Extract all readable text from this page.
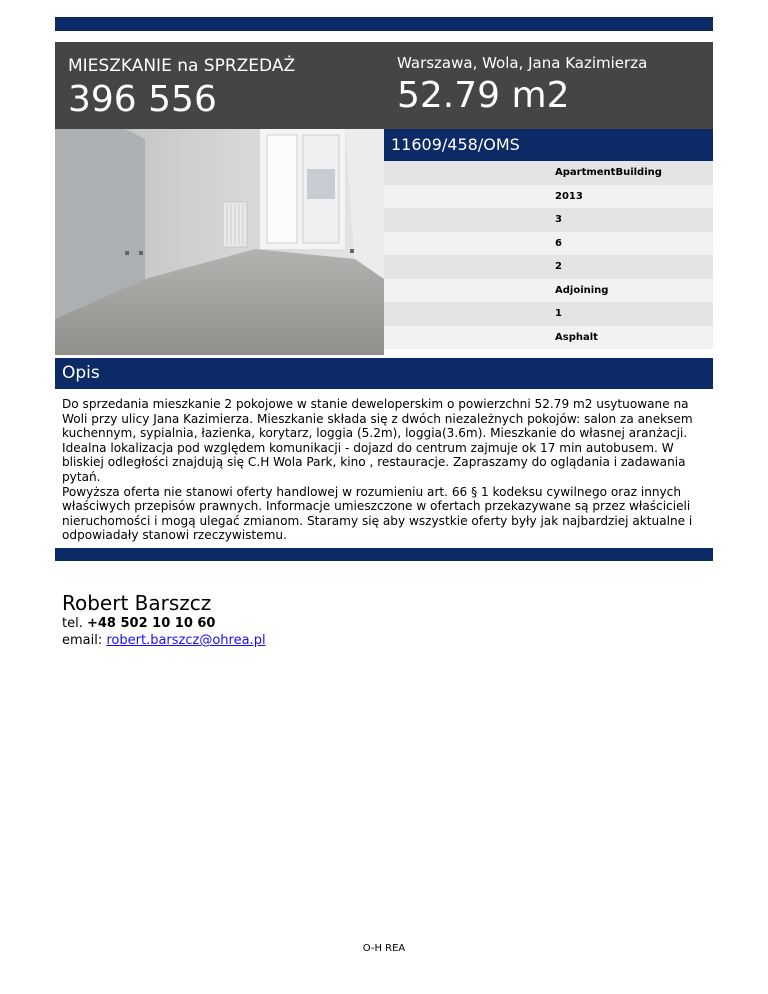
MIESZKANIE na SPRZEDAŻ
396 556
Warszawa, Wola, Jana Kazimierza
52.79 m2
11609/458/OMS
ApartmentBuilding
2013
3
6
2
Adjoining
1
Asphalt
Opis

Do sprzedania mieszkanie 2 pokojowe w stanie deweloperskim o powierzchni 52.79 m2 usytuowane na Woli przy ulicy Jana Kazimierza. Mieszkanie składa się z dwóch niezależnych pokojów: salon za aneksem kuchennym, sypialnia, łazienka, korytarz, loggia (5.2m), loggia(3.6m). Mieszkanie do własnej aranżacji. Idealna lokalizacja pod względem komunikacji - dojazd do centrum zajmuje ok 17 min autobusem. W bliskiej odległości znajdują się C.H Wola Park, kino , restauracje. Zapraszamy do oglądania i zadawania pytań.

Powyższa oferta nie stanowi oferty handlowej w rozumieniu art. 66 § 1 kodeksu cywilnego oraz innych właściwych przepisów prawnych. Informacje umieszczone w ofertach przekazywane są przez właścicieli nieruchomości i mogą ulegać zmianom. Staramy się aby wszystkie oferty były jak najbardziej aktualne i odpowiadały stanowi rzeczywistemu.

Robert Barszcz
tel. +48 502 10 10 60
email: robert.barszcz@ohrea.pl
O-H REA
